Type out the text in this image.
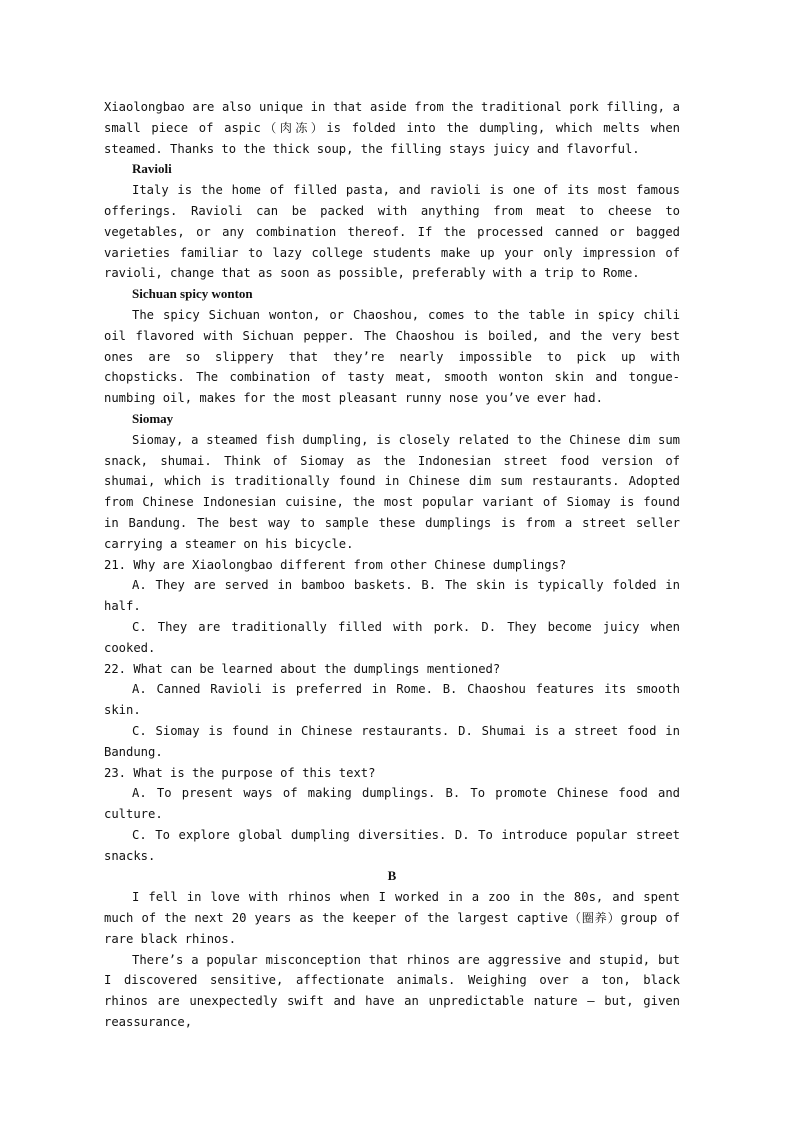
Xiaolongbao are also unique in that aside from the traditional pork filling, a small piece of aspic（肉冻）is folded into the dumpling, which melts when steamed. Thanks to the thick soup, the filling stays juicy and flavorful.

Ravioli

Italy is the home of filled pasta, and ravioli is one of its most famous offerings. Ravioli can be packed with anything from meat to cheese to vegetables, or any combination thereof. If the processed canned or bagged varieties familiar to lazy college students make up your only impression of ravioli, change that as soon as possible, preferably with a trip to Rome.

Sichuan spicy wonton

The spicy Sichuan wonton, or Chaoshou, comes to the table in spicy chili oil flavored with Sichuan pepper. The Chaoshou is boiled, and the very best ones are so slippery that they’re nearly impossible to pick up with chopsticks. The combination of tasty meat, smooth wonton skin and tongue-numbing oil, makes for the most pleasant runny nose you’ve ever had.

Siomay

Siomay, a steamed fish dumpling, is closely related to the Chinese dim sum snack, shumai. Think of Siomay as the Indonesian street food version of shumai, which is traditionally found in Chinese dim sum restaurants. Adopted from Chinese Indonesian cuisine, the most popular variant of Siomay is found in Bandung. The best way to sample these dumplings is from a street seller carrying a steamer on his bicycle.

21. Why are Xiaolongbao different from other Chinese dumplings?

A. They are served in bamboo baskets. B. The skin is typically folded in half.

C. They are traditionally filled with pork. D. They become juicy when cooked.

22. What can be learned about the dumplings mentioned?

A. Canned Ravioli is preferred in Rome. B. Chaoshou features its smooth skin.

C. Siomay is found in Chinese restaurants. D. Shumai is a street food in Bandung.

23. What is the purpose of this text?

A. To present ways of making dumplings. B. To promote Chinese food and culture.

C. To explore global dumpling diversities. D. To introduce popular street snacks.

B

I fell in love with rhinos when I worked in a zoo in the 80s, and spent much of the next 20 years as the keeper of the largest captive（圈养）group of rare black rhinos.

There’s a popular misconception that rhinos are aggressive and stupid, but I discovered sensitive, affectionate animals. Weighing over a ton, black rhinos are unexpectedly swift and have an unpredictable nature — but, given reassurance,
